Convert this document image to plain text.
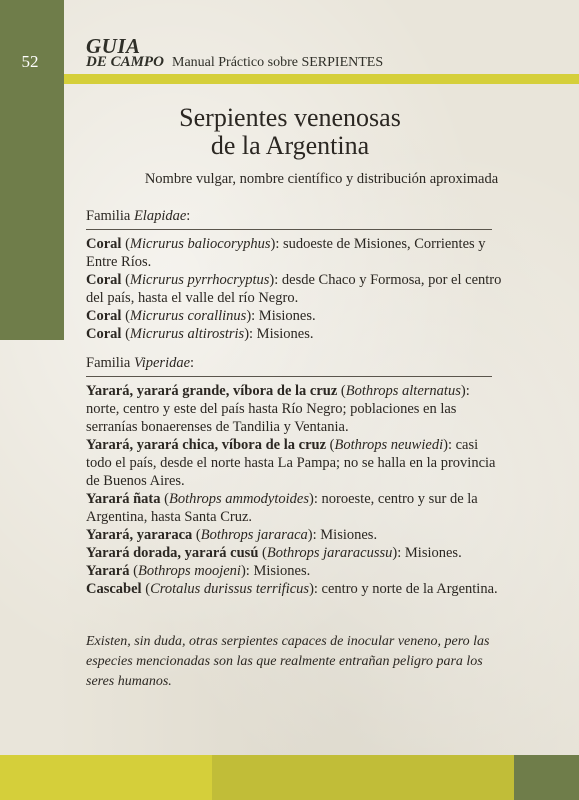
52
GUIA
DE CAMPO Manual Práctico sobre SERPIENTES
Serpientes venenosas
de la Argentina
Nombre vulgar, nombre científico y distribución aproximada
Familia Elapidae:

Coral (Micrurus baliocoryphus): sudoeste de Misiones, Corrientes y Entre Ríos.

Coral (Micrurus pyrrhocryptus): desde Chaco y Formosa, por el centro del país, hasta el valle del río Negro.

Coral (Micrurus corallinus): Misiones.

Coral (Micrurus altirostris): Misiones.

Familia Viperidae:

Yarará, yarará grande, víbora de la cruz (Bothrops alternatus): norte, centro y este del país hasta Río Negro; poblaciones en las serranías bonaerenses de Tandilia y Ventania.

Yarará, yarará chica, víbora de la cruz (Bothrops neuwiedi): casi todo el país, desde el norte hasta La Pampa; no se halla en la provincia de Buenos Aires.

Yarará ñata (Bothrops ammodytoides): noroeste, centro y sur de la Argentina, hasta Santa Cruz.

Yarará, yararaca (Bothrops jararaca): Misiones.

Yarará dorada, yarará cusú (Bothrops jararacussu): Misiones.

Yarará (Bothrops moojeni): Misiones.

Cascabel (Crotalus durissus terrificus): centro y norte de la Argentina.

Existen, sin duda, otras serpientes capaces de inocular veneno, pero las especies mencionadas son las que realmente entrañan peligro para los seres humanos.
